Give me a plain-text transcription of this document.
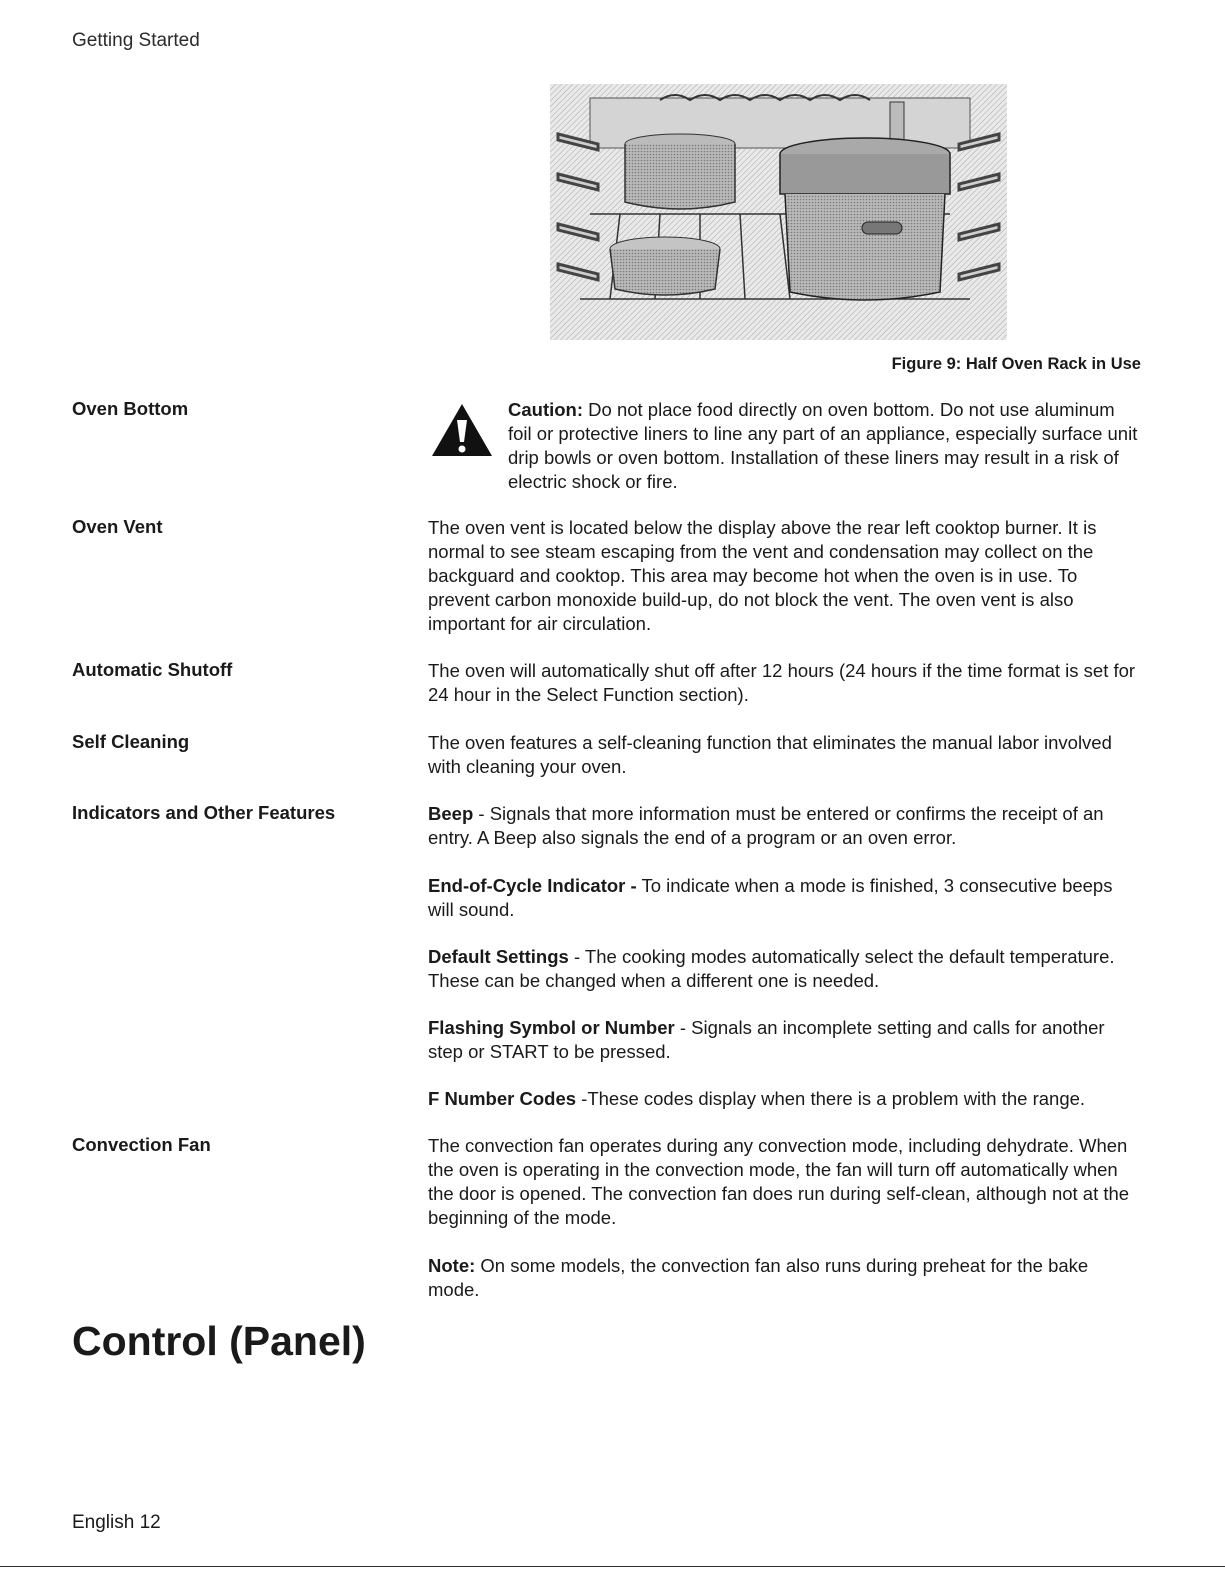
Getting Started
Figure 9: Half Oven Rack in Use
Oven Bottom	Caution: Do not place food directly on oven bottom. Do not use aluminum foil or protective liners to line any part of an appliance, especially surface unit drip bowls or oven bottom. Installation of these liners may result in a risk of electric shock or fire.
Oven Vent	The oven vent is located below the display above the rear left cooktop burner. It is normal to see steam escaping from the vent and condensation may collect on the backguard and cooktop. This area may become hot when the oven is in use. To prevent carbon monoxide build-up, do not block the vent. The oven vent is also important for air circulation.
Automatic Shutoff	The oven will automatically shut off after 12 hours (24 hours if the time format is set for 24 hour in the Select Function section).
Self Cleaning	The oven features a self-cleaning function that eliminates the manual labor involved with cleaning your oven.
Indicators and Other Features	Beep - Signals that more information must be entered or confirms the receipt of an entry. A Beep also signals the end of a program or an oven error.
End-of-Cycle Indicator - To indicate when a mode is finished, 3 consecutive beeps will sound.
Default Settings - The cooking modes automatically select the default temperature. These can be changed when a different one is needed.
Flashing Symbol or Number - Signals an incomplete setting and calls for another step or START to be pressed.
F Number Codes -These codes display when there is a problem with the range.
Convection Fan	The convection fan operates during any convection mode, including dehydrate. When the oven is operating in the convection mode, the fan will turn off automatically when the door is opened. The convection fan does run during self-clean, although not at the beginning of the mode.
Note: On some models, the convection fan also runs during preheat for the bake mode.
Control (Panel)
English 12
